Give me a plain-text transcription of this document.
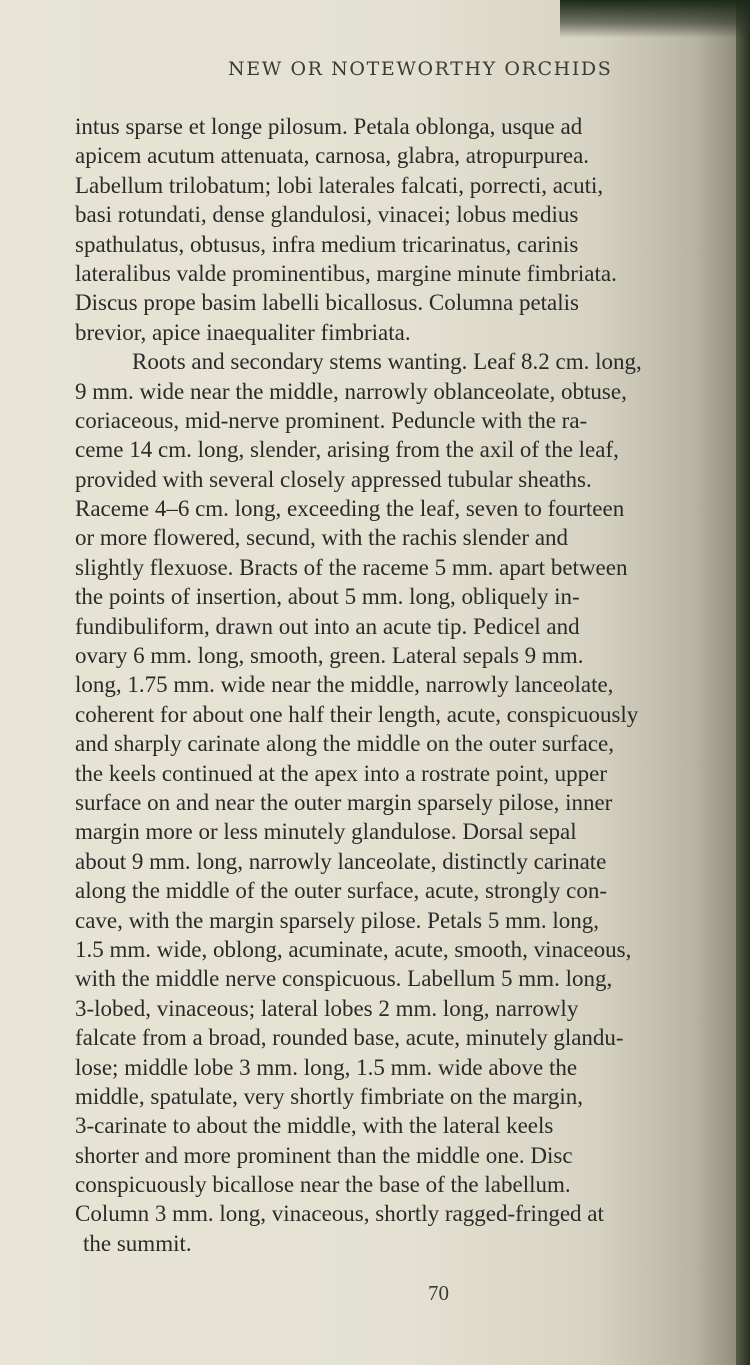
NEW OR NOTEWORTHY ORCHIDS
intus sparse et longe pilosum. Petala oblonga, usque ad
apicem acutum attenuata, carnosa, glabra, atropurpurea.
Labellum trilobatum; lobi laterales falcati, porrecti, acuti,
basi rotundati, dense glandulosi, vinacei; lobus medius
spathulatus, obtusus, infra medium tricarinatus, carinis
lateralibus valde prominentibus, margine minute fimbriata.
Discus prope basim labelli bicallosus. Columna petalis
brevior, apice inaequaliter fimbriata.
Roots and secondary stems wanting. Leaf 8.2 cm. long,
9 mm. wide near the middle, narrowly oblanceolate, obtuse,
coriaceous, mid-nerve prominent. Peduncle with the ra-
ceme 14 cm. long, slender, arising from the axil of the leaf,
provided with several closely appressed tubular sheaths.
Raceme 4–6 cm. long, exceeding the leaf, seven to fourteen
or more flowered, secund, with the rachis slender and
slightly flexuose. Bracts of the raceme 5 mm. apart between
the points of insertion, about 5 mm. long, obliquely in-
fundibuliform, drawn out into an acute tip. Pedicel and
ovary 6 mm. long, smooth, green. Lateral sepals 9 mm.
long, 1.75 mm. wide near the middle, narrowly lanceolate,
coherent for about one half their length, acute, conspicuously
and sharply carinate along the middle on the outer surface,
the keels continued at the apex into a rostrate point, upper
surface on and near the outer margin sparsely pilose, inner
margin more or less minutely glandulose. Dorsal sepal
about 9 mm. long, narrowly lanceolate, distinctly carinate
along the middle of the outer surface, acute, strongly con-
cave, with the margin sparsely pilose. Petals 5 mm. long,
1.5 mm. wide, oblong, acuminate, acute, smooth, vinaceous,
with the middle nerve conspicuous. Labellum 5 mm. long,
3-lobed, vinaceous; lateral lobes 2 mm. long, narrowly
falcate from a broad, rounded base, acute, minutely glandu-
lose; middle lobe 3 mm. long, 1.5 mm. wide above the
middle, spatulate, very shortly fimbriate on the margin,
3-carinate to about the middle, with the lateral keels
shorter and more prominent than the middle one. Disc
conspicuously bicallose near the base of the labellum.
Column 3 mm. long, vinaceous, shortly ragged-fringed at
the summit.
70
